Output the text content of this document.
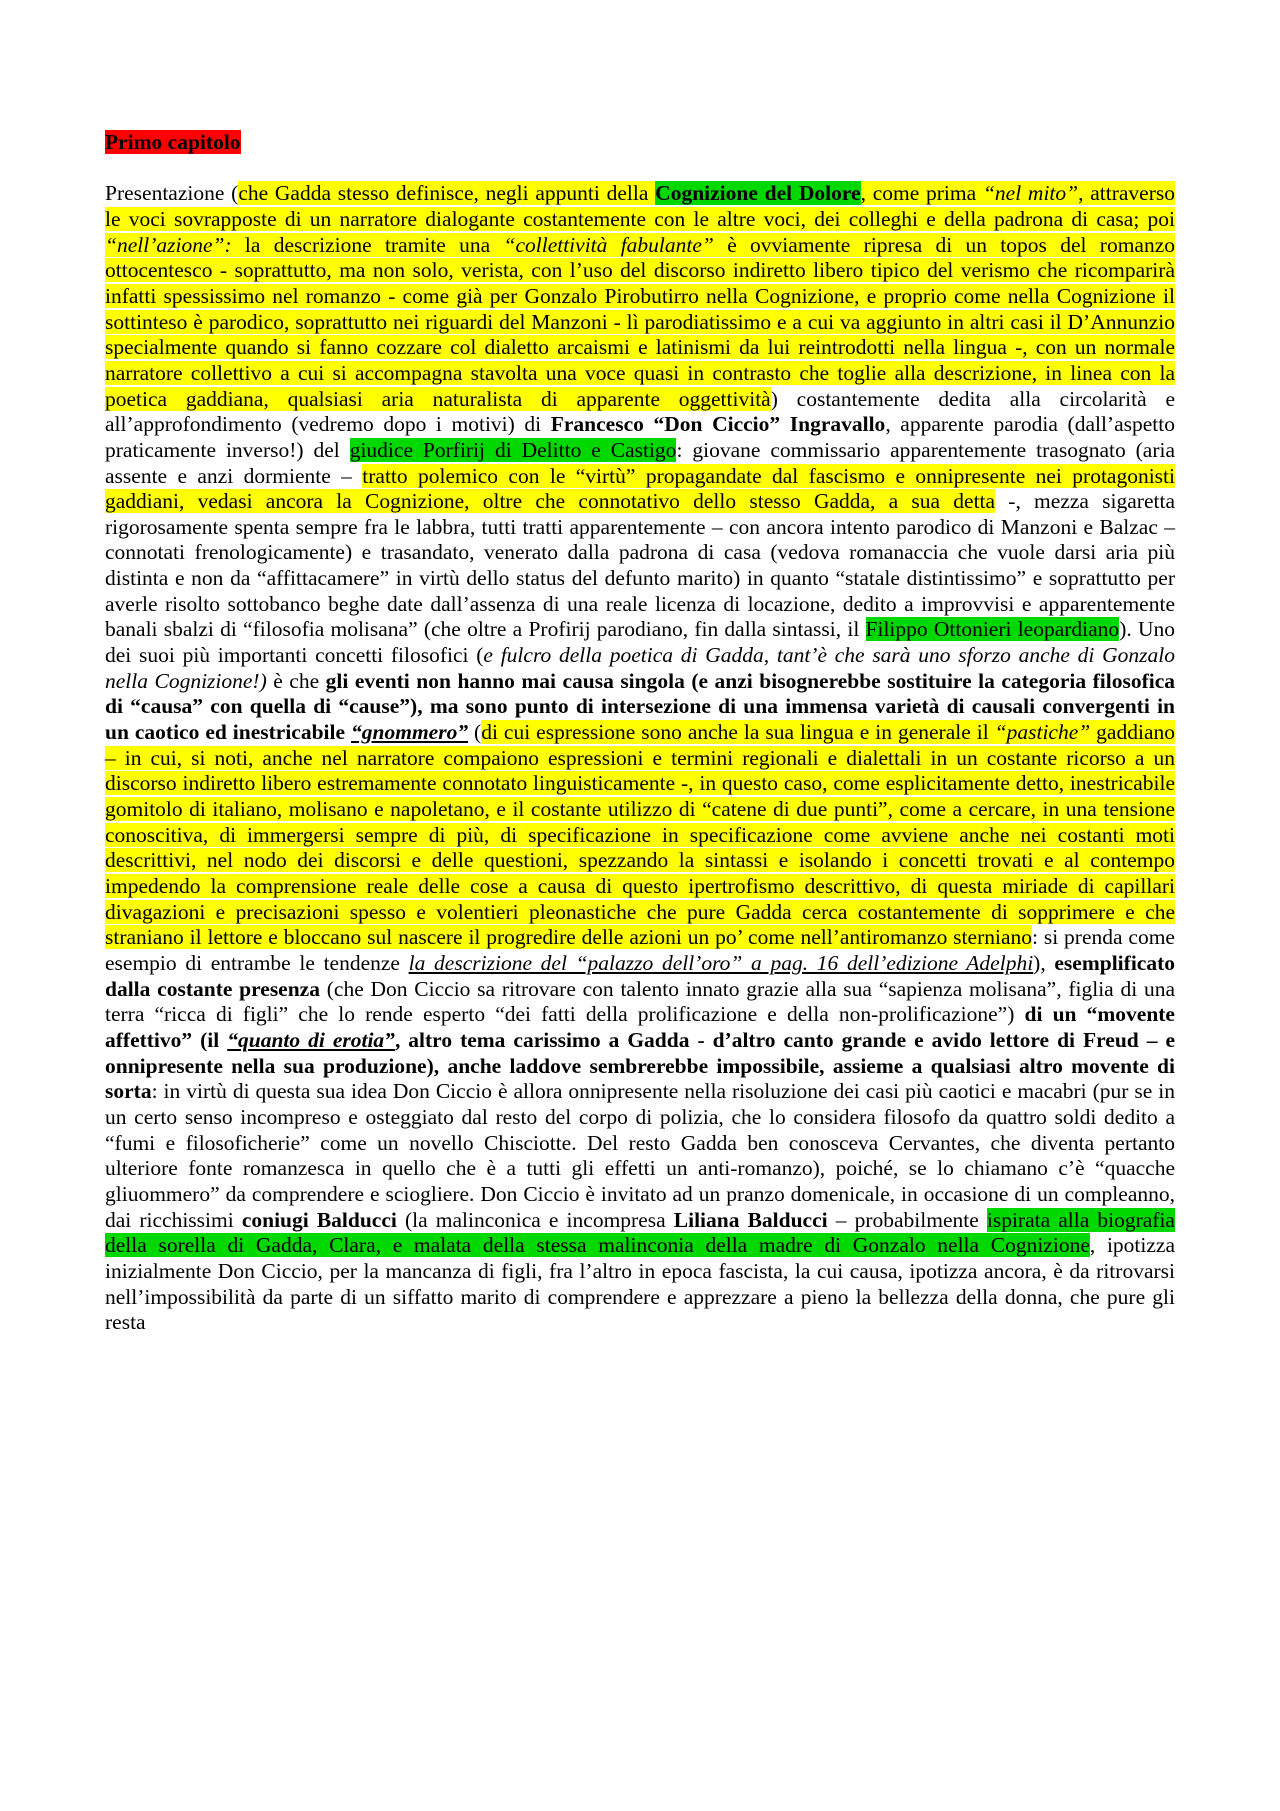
Primo capitolo

Presentazione (che Gadda stesso definisce, negli appunti della Cognizione del Dolore, come prima “nel mito”, attraverso le voci sovrapposte di un narratore dialogante costantemente con le altre voci, dei colleghi e della padrona di casa; poi “nell’azione”: la descrizione tramite una “collettività fabulante” è ovviamente ripresa di un topos del romanzo ottocentesco - soprattutto, ma non solo, verista, con l’uso del discorso indiretto libero tipico del verismo che ricomparirà infatti spessissimo nel romanzo - come già per Gonzalo Pirobutirro nella Cognizione, e proprio come nella Cognizione il sottinteso è parodico, soprattutto nei riguardi del Manzoni - lì parodiatissimo e a cui va aggiunto in altri casi il D’Annunzio specialmente quando si fanno cozzare col dialetto arcaismi e latinismi da lui reintrodotti nella lingua -, con un normale narratore collettivo a cui si accompagna stavolta una voce quasi in contrasto che toglie alla descrizione, in linea con la poetica gaddiana, qualsiasi aria naturalista di apparente oggettività) costantemente dedita alla circolarità e all’approfondimento (vedremo dopo i motivi) di Francesco “Don Ciccio” Ingravallo, apparente parodia (dall’aspetto praticamente inverso!) del giudice Porfirij di Delitto e Castigo: giovane commissario apparentemente trasognato (aria assente e anzi dormiente – tratto polemico con le “virtù” propagandate dal fascismo e onnipresente nei protagonisti gaddiani, vedasi ancora la Cognizione, oltre che connotativo dello stesso Gadda, a sua detta -, mezza sigaretta rigorosamente spenta sempre fra le labbra, tutti tratti apparentemente – con ancora intento parodico di Manzoni e Balzac – connotati frenologicamente) e trasandato, venerato dalla padrona di casa (vedova romanaccia che vuole darsi aria più distinta e non da “affittacamere” in virtù dello status del defunto marito) in quanto “statale distintissimo” e soprattutto per averle risolto sottobanco beghe date dall’assenza di una reale licenza di locazione, dedito a improvvisi e apparentemente banali sbalzi di “filosofia molisana” (che oltre a Profirij parodiano, fin dalla sintassi, il Filippo Ottonieri leopardiano). Uno dei suoi più importanti concetti filosofici (e fulcro della poetica di Gadda, tant’è che sarà uno sforzo anche di Gonzalo nella Cognizione!) è che gli eventi non hanno mai causa singola (e anzi bisognerebbe sostituire la categoria filosofica di “causa” con quella di “cause”), ma sono punto di intersezione di una immensa varietà di causali convergenti in un caotico ed inestricabile “gnommero” (di cui espressione sono anche la sua lingua e in generale il “pastiche” gaddiano – in cui, si noti, anche nel narratore compaiono espressioni e termini regionali e dialettali in un costante ricorso a un discorso indiretto libero estremamente connotato linguisticamente -, in questo caso, come esplicitamente detto, inestricabile gomitolo di italiano, molisano e napoletano, e il costante utilizzo di “catene di due punti”, come a cercare, in una tensione conoscitiva, di immergersi sempre di più, di specificazione in specificazione come avviene anche nei costanti moti descrittivi, nel nodo dei discorsi e delle questioni, spezzando la sintassi e isolando i concetti trovati e al contempo impedendo la comprensione reale delle cose a causa di questo ipertrofismo descrittivo, di questa miriade di capillari divagazioni e precisazioni spesso e volentieri pleonastiche che pure Gadda cerca costantemente di sopprimere e che straniano il lettore e bloccano sul nascere il progredire delle azioni un po’ come nell’antiromanzo sterniano: si prenda come esempio di entrambe le tendenze la descrizione del “palazzo dell’oro” a pag. 16 dell’edizione Adelphi), esemplificato dalla costante presenza (che Don Ciccio sa ritrovare con talento innato grazie alla sua “sapienza molisana”, figlia di una terra “ricca di figli” che lo rende esperto “dei fatti della prolificazione e della non-prolificazione”) di un “movente affettivo” (il “quanto di erotia”, altro tema carissimo a Gadda - d’altro canto grande e avido lettore di Freud – e onnipresente nella sua produzione), anche laddove sembrerebbe impossibile, assieme a qualsiasi altro movente di sorta: in virtù di questa sua idea Don Ciccio è allora onnipresente nella risoluzione dei casi più caotici e macabri (pur se in un certo senso incompreso e osteggiato dal resto del corpo di polizia, che lo considera filosofo da quattro soldi dedito a “fumi e filosoficherie” come un novello Chisciotte. Del resto Gadda ben conosceva Cervantes, che diventa pertanto ulteriore fonte romanzesca in quello che è a tutti gli effetti un anti-romanzo), poiché, se lo chiamano c’è “quacche gliuommero” da comprendere e sciogliere. Don Ciccio è invitato ad un pranzo domenicale, in occasione di un compleanno, dai ricchissimi coniugi Balducci (la malinconica e incompresa Liliana Balducci – probabilmente ispirata alla biografia della sorella di Gadda, Clara, e malata della stessa malinconia della madre di Gonzalo nella Cognizione, ipotizza inizialmente Don Ciccio, per la mancanza di figli, fra l’altro in epoca fascista, la cui causa, ipotizza ancora, è da ritrovarsi nell’impossibilità da parte di un siffatto marito di comprendere e apprezzare a pieno la bellezza della donna, che pure gli resta
